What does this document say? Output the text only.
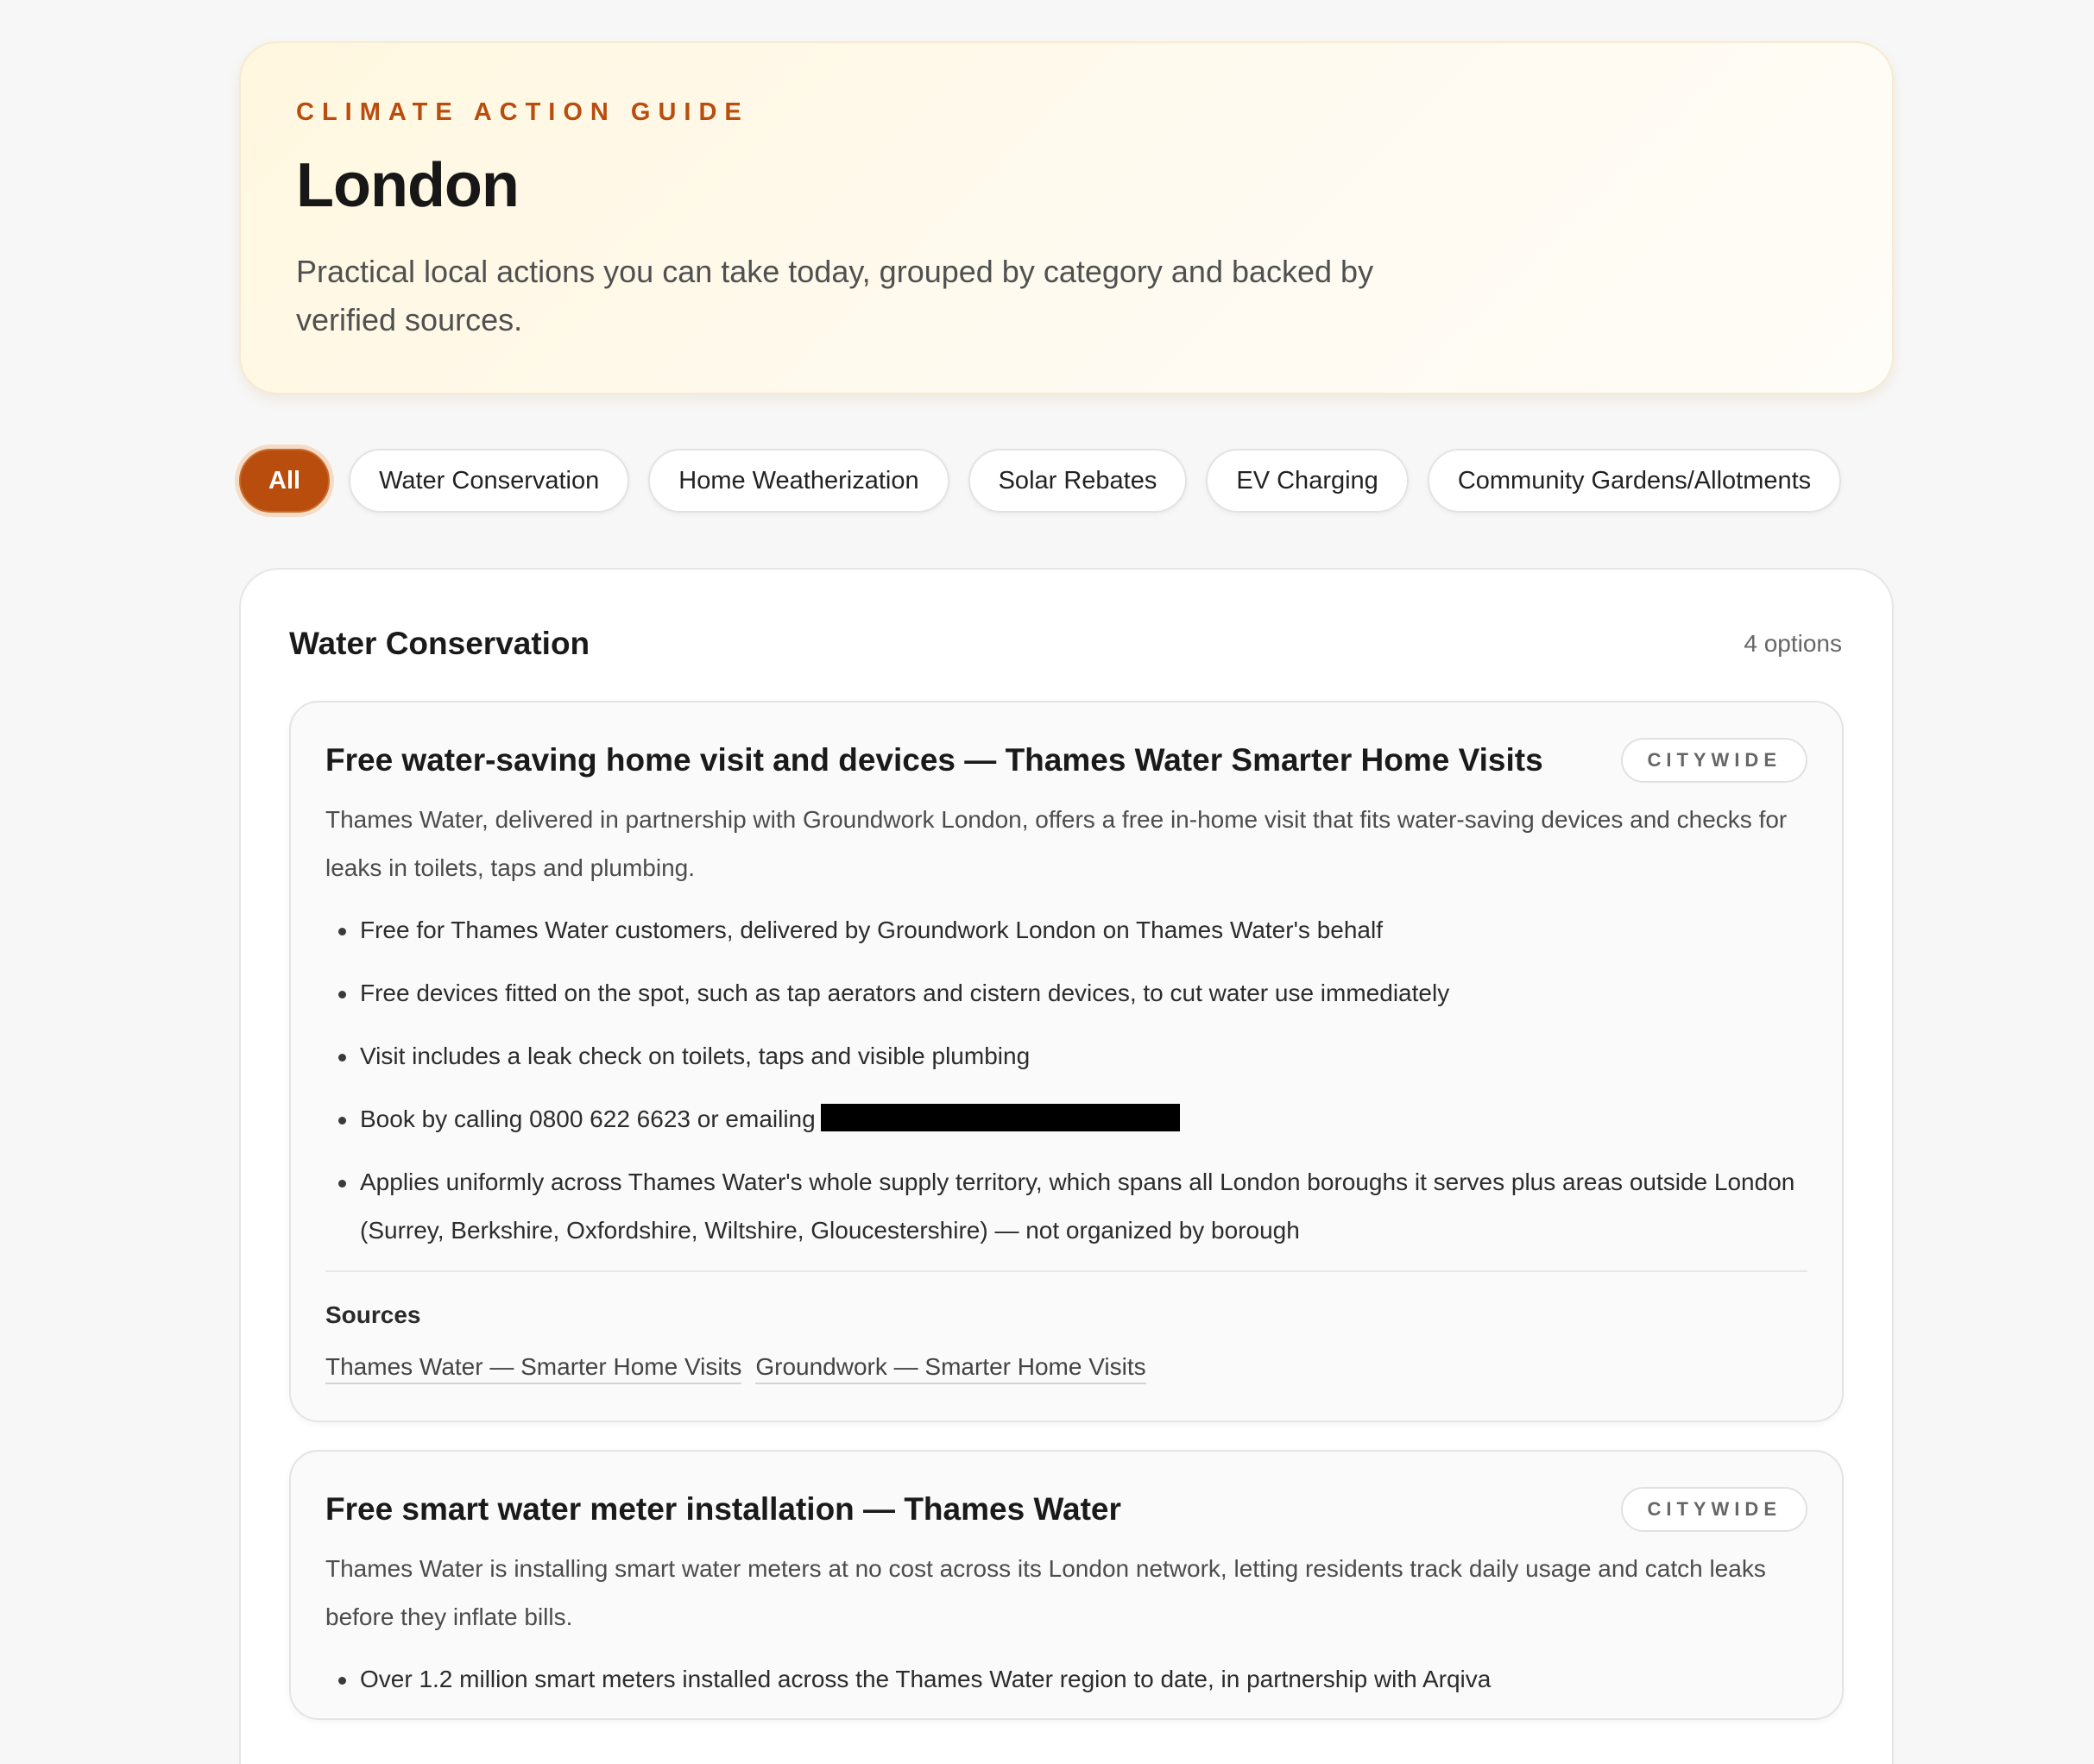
CLIMATE ACTION GUIDE
London

Practical local actions you can take today, grouped by category and backed by verified sources.

All	Water Conservation	Home Weatherization	Solar Rebates	EV Charging	Community Gardens/Allotments
Water Conservation	4 options
Free water-saving home visit and devices — Thames Water Smarter Home Visits	CITYWIDE

Thames Water, delivered in partnership with Groundwork London, offers a free in-home visit that fits water-saving devices and checks for leaks in toilets, taps and plumbing.

Free for Thames Water customers, delivered by Groundwork London on Thames Water's behalf
Free devices fitted on the spot, such as tap aerators and cistern devices, to cut water use immediately
Visit includes a leak check on toilets, taps and visible plumbing
Book by calling 0800 622 6623 or emailing
Applies uniformly across Thames Water's whole supply territory, which spans all London boroughs it serves plus areas outside London (Surrey, Berkshire, Oxfordshire, Wiltshire, Gloucestershire) — not organized by borough
Sources
Thames Water — Smarter Home Visits Groundwork — Smarter Home Visits
Free smart water meter installation — Thames Water	CITYWIDE

Thames Water is installing smart water meters at no cost across its London network, letting residents track daily usage and catch leaks before they inflate bills.

Over 1.2 million smart meters installed across the Thames Water region to date, in partnership with Arqiva
